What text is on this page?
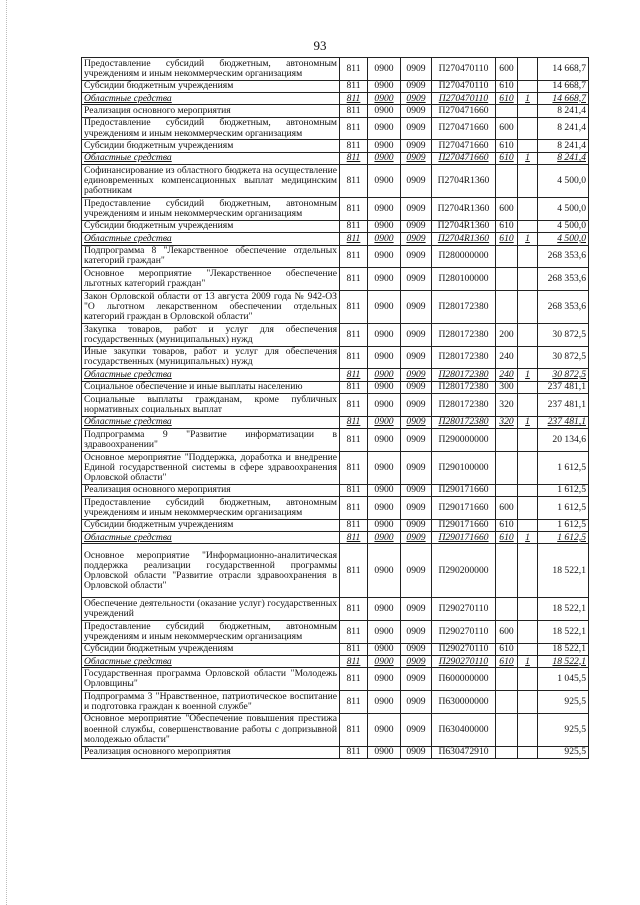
93
Предоставление субсидий бюджетным, автономным учреждениям и иным некоммерческим организациям	811	0900	0909	П270470110	600		14 668,7
Субсидии бюджетным учреждениям	811	0900	0909	П270470110	610		14 668,7
Областные средства	811	0900	0909	П270470110	610	1	14 668,7
Реализация основного мероприятия	811	0900	0909	П270471660			8 241,4
Предоставление субсидий бюджетным, автономным учреждениям и иным некоммерческим организациям	811	0900	0909	П270471660	600		8 241,4
Субсидии бюджетным учреждениям	811	0900	0909	П270471660	610		8 241,4
Областные средства	811	0900	0909	П270471660	610	1	8 241,4
Софинансирование из областного бюджета на осуществление единовременных компенсационных выплат медицинским работникам	811	0900	0909	П2704R1360			4 500,0
Предоставление субсидий бюджетным, автономным учреждениям и иным некоммерческим организациям	811	0900	0909	П2704R1360	600		4 500,0
Субсидии бюджетным учреждениям	811	0900	0909	П2704R1360	610		4 500,0
Областные средства	811	0900	0909	П2704R1360	610	1	4 500,0
Подпрограмма 8 "Лекарственное обеспечение отдельных категорий граждан"	811	0900	0909	П280000000			268 353,6
Основное мероприятие "Лекарственное обеспечение льготных категорий граждан"	811	0900	0909	П280100000			268 353,6
Закон Орловской области от 13 августа 2009 года № 942-ОЗ "О льготном лекарственном обеспечении отдельных категорий граждан в Орловской области"	811	0900	0909	П280172380			268 353,6
Закупка товаров, работ и услуг для обеспечения государственных (муниципальных) нужд	811	0900	0909	П280172380	200		30 872,5
Иные закупки товаров, работ и услуг для обеспечения государственных (муниципальных) нужд	811	0900	0909	П280172380	240		30 872,5
Областные средства	811	0900	0909	П280172380	240	1	30 872,5
Социальное обеспечение и иные выплаты населению	811	0900	0909	П280172380	300		237 481,1
Социальные выплаты гражданам, кроме публичных нормативных социальных выплат	811	0900	0909	П280172380	320		237 481,1
Областные средства	811	0900	0909	П280172380	320	1	237 481,1
Подпрограмма 9 "Развитие информатизации в здравоохранении"	811	0900	0909	П290000000			20 134,6
Основное мероприятие "Поддержка, доработка и внедрение Единой государственной системы в сфере здравоохранения Орловской области"	811	0900	0909	П290100000			1 612,5
Реализация основного мероприятия	811	0900	0909	П290171660			1 612,5
Предоставление субсидий бюджетным, автономным учреждениям и иным некоммерческим организациям	811	0900	0909	П290171660	600		1 612,5
Субсидии бюджетным учреждениям	811	0900	0909	П290171660	610		1 612,5
Областные средства	811	0900	0909	П290171660	610	1	1 612,5
Основное мероприятие "Информационно-аналитическая поддержка реализации государственной программы Орловской области "Развитие отрасли здравоохранения в Орловской области"	811	0900	0909	П290200000			18 522,1
Обеспечение деятельности (оказание услуг) государственных учреждений	811	0900	0909	П290270110			18 522,1
Предоставление субсидий бюджетным, автономным учреждениям и иным некоммерческим организациям	811	0900	0909	П290270110	600		18 522,1
Субсидии бюджетным учреждениям	811	0900	0909	П290270110	610		18 522,1
Областные средства	811	0900	0909	П290270110	610	1	18 522,1
Государственная программа Орловской области "Молодежь Орловщины"	811	0900	0909	П600000000			1 045,5
Подпрограмма 3 "Нравственное, патриотическое воспитание и подготовка граждан к военной службе"	811	0900	0909	П630000000			925,5
Основное мероприятие "Обеспечение повышения престижа военной службы, совершенствование работы с допризывной молодежью области"	811	0900	0909	П630400000			925,5
Реализация основного мероприятия	811	0900	0909	П630472910			925,5
